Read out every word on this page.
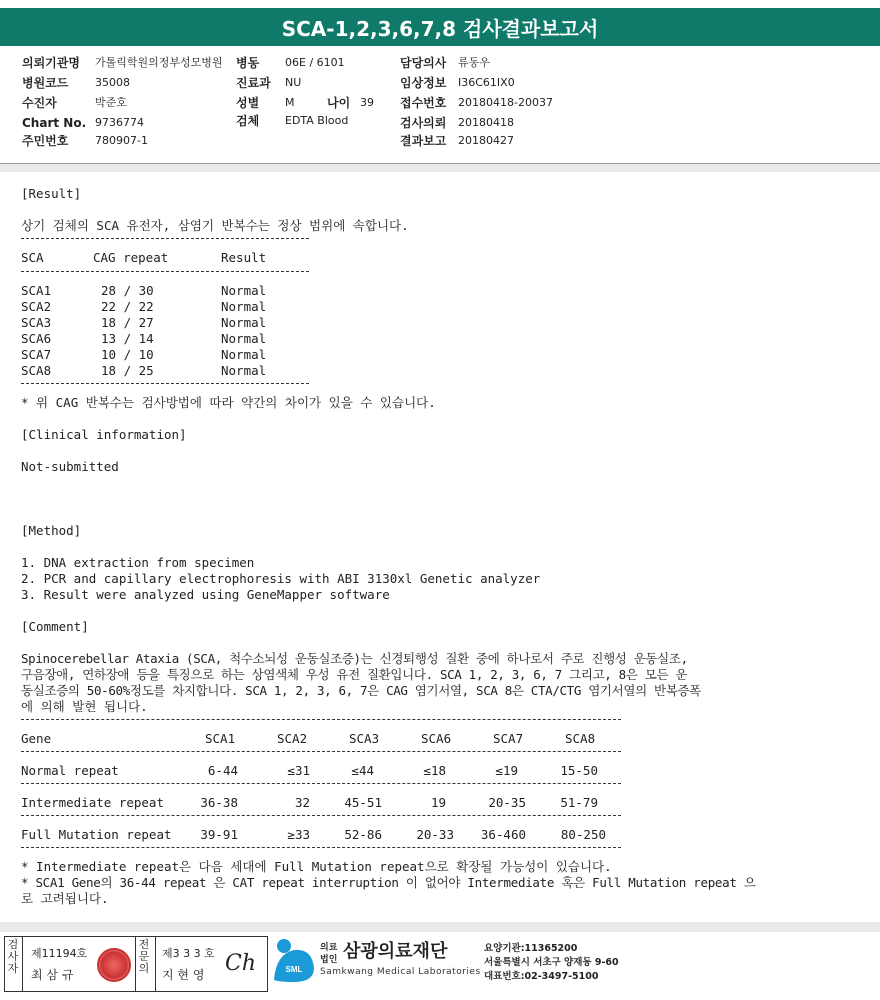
SCA-1,2,3,6,7,8 검사결과보고서
의뢰기관명 가톨릭학원의정부성모병원 병동 06E / 6101	담당의사 류동우
병원코드 35008	진료과 NU	임상정보 I36C61IX0
수진자	박준호	성별 M	나이 39 접수번호 20180418-20037
Chart No. 9736774	검체 EDTA Blood	검사의뢰 20180418
주민번호 780907-1	결과보고 20180427
[Result]
상기 검체의 SCA 유전자, 삼염기 반복수는 정상 범위에 속합니다.
SCA	CAG repeat	Result
SCA1	28 / 30	Normal
SCA2	22 / 22	Normal
SCA3	18 / 27	Normal
SCA6	13 / 14	Normal
SCA7	10 / 10	Normal
SCA8	18 / 25	Normal
* 위 CAG 반복수는 검사방법에 따라 약간의 차이가 있을 수 있습니다.
[Clinical information]
Not-submitted
[Method]
1. DNA extraction from specimen
2. PCR and capillary electrophoresis with ABI 3130xl Genetic analyzer
3. Result were analyzed using GeneMapper software
[Comment]
Spinocerebellar Ataxia (SCA, 척수소뇌성 운동실조증)는 신경퇴행성 질환 중에 하나로서 주로 진행성 운동실조,
구음장애, 연하장애 등을 특징으로 하는 상염색체 우성 유전 질환입니다. SCA 1, 2, 3, 6, 7 그리고, 8은 모든 운
동실조증의 50-60%정도를 차지합니다. SCA 1, 2, 3, 6, 7은 CAG 염기서열, SCA 8은 CTA/CTG 염기서열의 반복증폭
에 의해 발현 됩니다.
Gene	SCA1	SCA2	SCA3	SCA6	SCA7	SCA8
Normal repeat	6-44	≤31	≤44	≤18	≤19	15-50
Intermediate repeat	36-38	32	45-51	19	20-35	51-79
Full Mutation repeat	39-91	≥33	52-86	20-33	36-460	80-250
* Intermediate repeat은 다음 세대에 Full Mutation repeat으로 확장될 가능성이 있습니다.
* SCA1 Gene의 36-44 repeat 은 CAT repeat interruption 이 없어야 Intermediate 혹은 Full Mutation repeat 으
로 고려됩니다.
검
사
자
제11194호
최 삼 규
전
문
의
제3 3 3 호
지 현 영 Ch	SML
의료
법인 삼광의료재단
Samkwang Medical Laboratories
요양기관:11365200
서울특별시 서초구 양재동 9-60
대표번호:02-3497-5100
